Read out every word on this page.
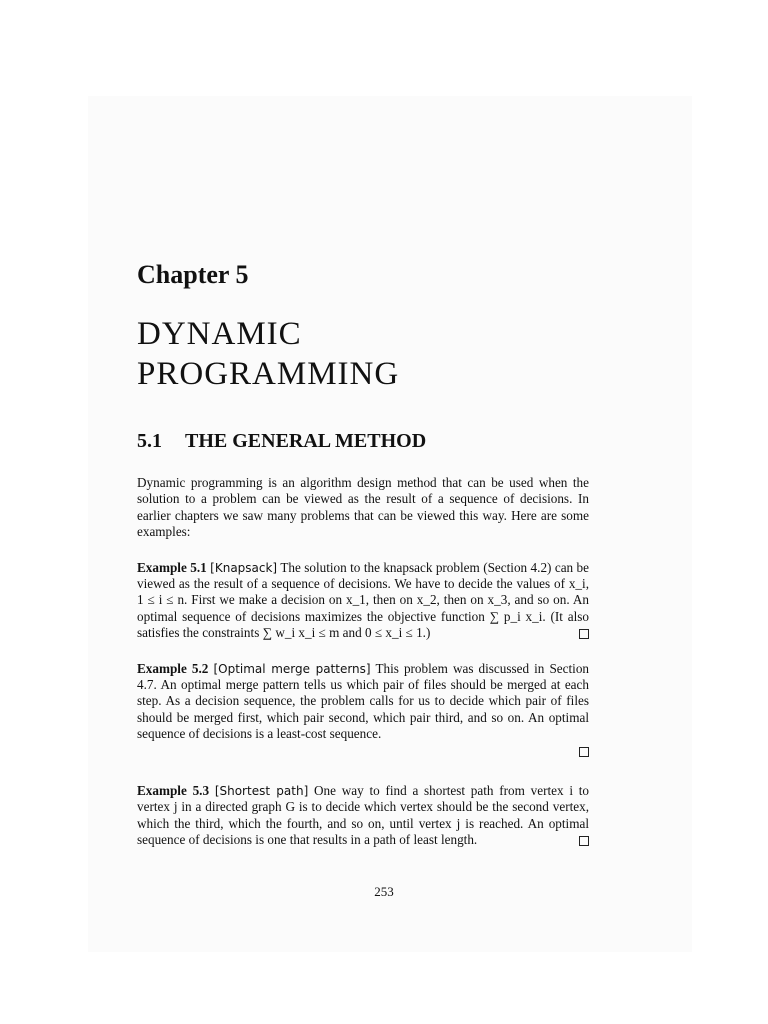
Chapter 5
DYNAMIC
PROGRAMMING
5.1 THE GENERAL METHOD

Dynamic programming is an algorithm design method that can be used when the solution to a problem can be viewed as the result of a sequence of decisions. In earlier chapters we saw many problems that can be viewed this way. Here are some examples:

Example 5.1 [Knapsack] The solution to the knapsack problem (Section 4.2) can be viewed as the result of a sequence of decisions. We have to decide the values of x_i, 1 ≤ i ≤ n. First we make a decision on x_1, then on x_2, then on x_3, and so on. An optimal sequence of decisions maximizes the objective function ∑ p_i x_i. (It also satisfies the constraints ∑ w_i x_i ≤ m and 0 ≤ x_i ≤ 1.)

Example 5.2 [Optimal merge patterns] This problem was discussed in Section 4.7. An optimal merge pattern tells us which pair of files should be merged at each step. As a decision sequence, the problem calls for us to decide which pair of files should be merged first, which pair second, which pair third, and so on. An optimal sequence of decisions is a least-cost sequence.

Example 5.3 [Shortest path] One way to find a shortest path from vertex i to vertex j in a directed graph G is to decide which vertex should be the second vertex, which the third, which the fourth, and so on, until vertex j is reached. An optimal sequence of decisions is one that results in a path of least length.

253
